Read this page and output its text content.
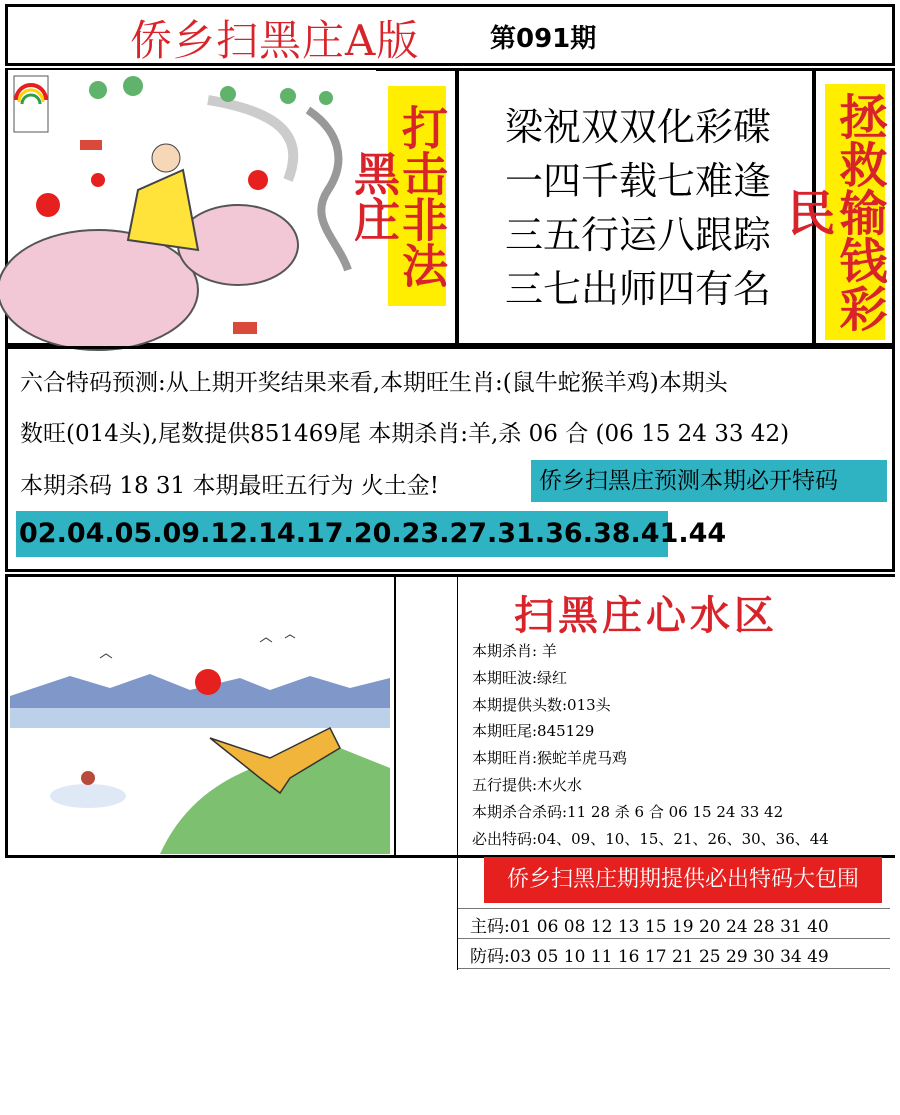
侨乡扫黑庄A版	第091期
打击非法黑庄	拯救输钱彩民
梁祝双双化彩碟
一四千载七难逢
三五行运八跟踪
三七出师四有名
六合特码预测:从上期开奖结果来看,本期旺生肖:(鼠牛蛇猴羊鸡)本期头
数旺(014头),尾数提供851469尾 本期杀肖:羊,杀 06 合 (06 15 24 33 42)
本期杀码 18 31 本期最旺五行为 火土金!	侨乡扫黑庄预测本期必开特码
02.04.05.09.12.14.17.20.23.27.31.36.38.41.44
扫黑庄心水区
本期杀肖: 羊
本期旺波:绿红
本期提供头数:013头
本期旺尾:845129
本期旺肖:猴蛇羊虎马鸡
五行提供:木火水
本期杀合杀码:11 28 杀 6 合 06 15 24 33 42
必出特码:04、09、10、15、21、26、30、36、44
侨乡扫黑庄期期提供必出特码大包围
主码:01 06 08 12 13 15 19 20 24 28 31 40
防码:03 05 10 11 16 17 21 25 29 30 34 49
